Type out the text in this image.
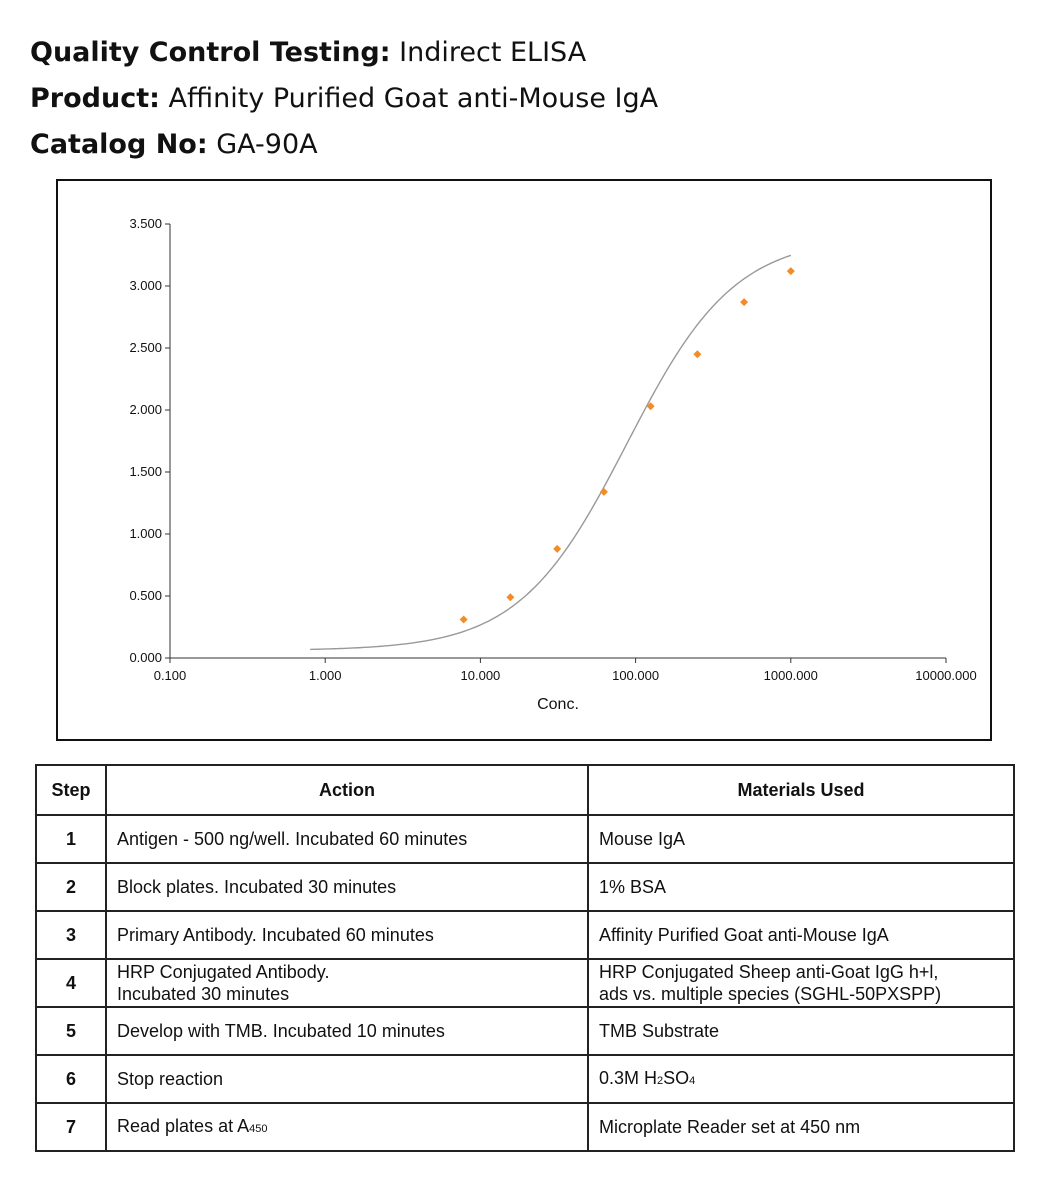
Quality Control Testing: Indirect ELISA
Product: Affinity Purified Goat anti-Mouse IgA
Catalog No: GA-90A
0.000
0.500
1.000
1.500
2.000
2.500
3.000
3.500
0.100	1.000	10.000	100.000	1000.000	10000.000
Conc.
Step	Action	Materials Used
1	Antigen - 500 ng/well. Incubated 60 minutes	Mouse IgA
2	Block plates. Incubated 30 minutes	1% BSA
3	Primary Antibody. Incubated 60 minutes	Affinity Purified Goat anti-Mouse IgA
4	HRP Conjugated Antibody.
Incubated 30 minutes	HRP Conjugated Sheep anti-Goat IgG h+l,
ads vs. multiple species (SGHL-50PXSPP)
5	Develop with TMB. Incubated 10 minutes	TMB Substrate
6	Stop reaction	0.3M H2SO4
7	Read plates at A450	Microplate Reader set at 450 nm
